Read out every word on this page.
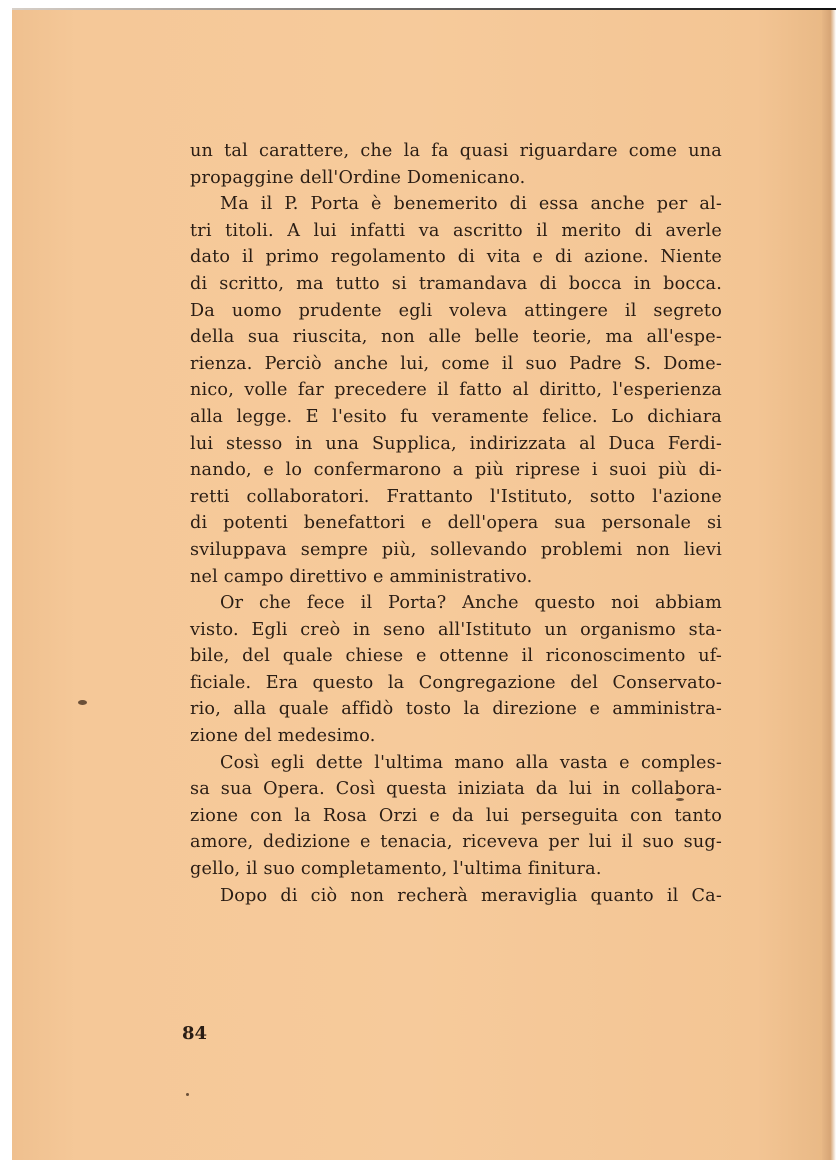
un tal carattere, che la fa quasi riguardare come una
propaggine dell'Ordine Domenicano.
Ma il P. Porta è benemerito di essa anche per al-
tri titoli. A lui infatti va ascritto il merito di averle
dato il primo regolamento di vita e di azione. Niente
di scritto, ma tutto si tramandava di bocca in bocca.
Da uomo prudente egli voleva attingere il segreto
della sua riuscita, non alle belle teorie, ma all'espe-
rienza. Perciò anche lui, come il suo Padre S. Dome-
nico, volle far precedere il fatto al diritto, l'esperienza
alla legge. E l'esito fu veramente felice. Lo dichiara
lui stesso in una Supplica, indirizzata al Duca Ferdi-
nando, e lo confermarono a più riprese i suoi più di-
retti collaboratori. Frattanto l'Istituto, sotto l'azione
di potenti benefattori e dell'opera sua personale si
sviluppava sempre più, sollevando problemi non lievi
nel campo direttivo e amministrativo.
Or che fece il Porta? Anche questo noi abbiam
visto. Egli creò in seno all'Istituto un organismo sta-
bile, del quale chiese e ottenne il riconoscimento uf-
ficiale. Era questo la Congregazione del Conservato-
rio, alla quale affidò tosto la direzione e amministra-
zione del medesimo.
Così egli dette l'ultima mano alla vasta e comples-
sa sua Opera. Così questa iniziata da lui in collabora-
zione con la Rosa Orzi e da lui perseguita con tanto
amore, dedizione e tenacia, riceveva per lui il suo sug-
gello, il suo completamento, l'ultima finitura.
Dopo di ciò non recherà meraviglia quanto il Ca-
84
